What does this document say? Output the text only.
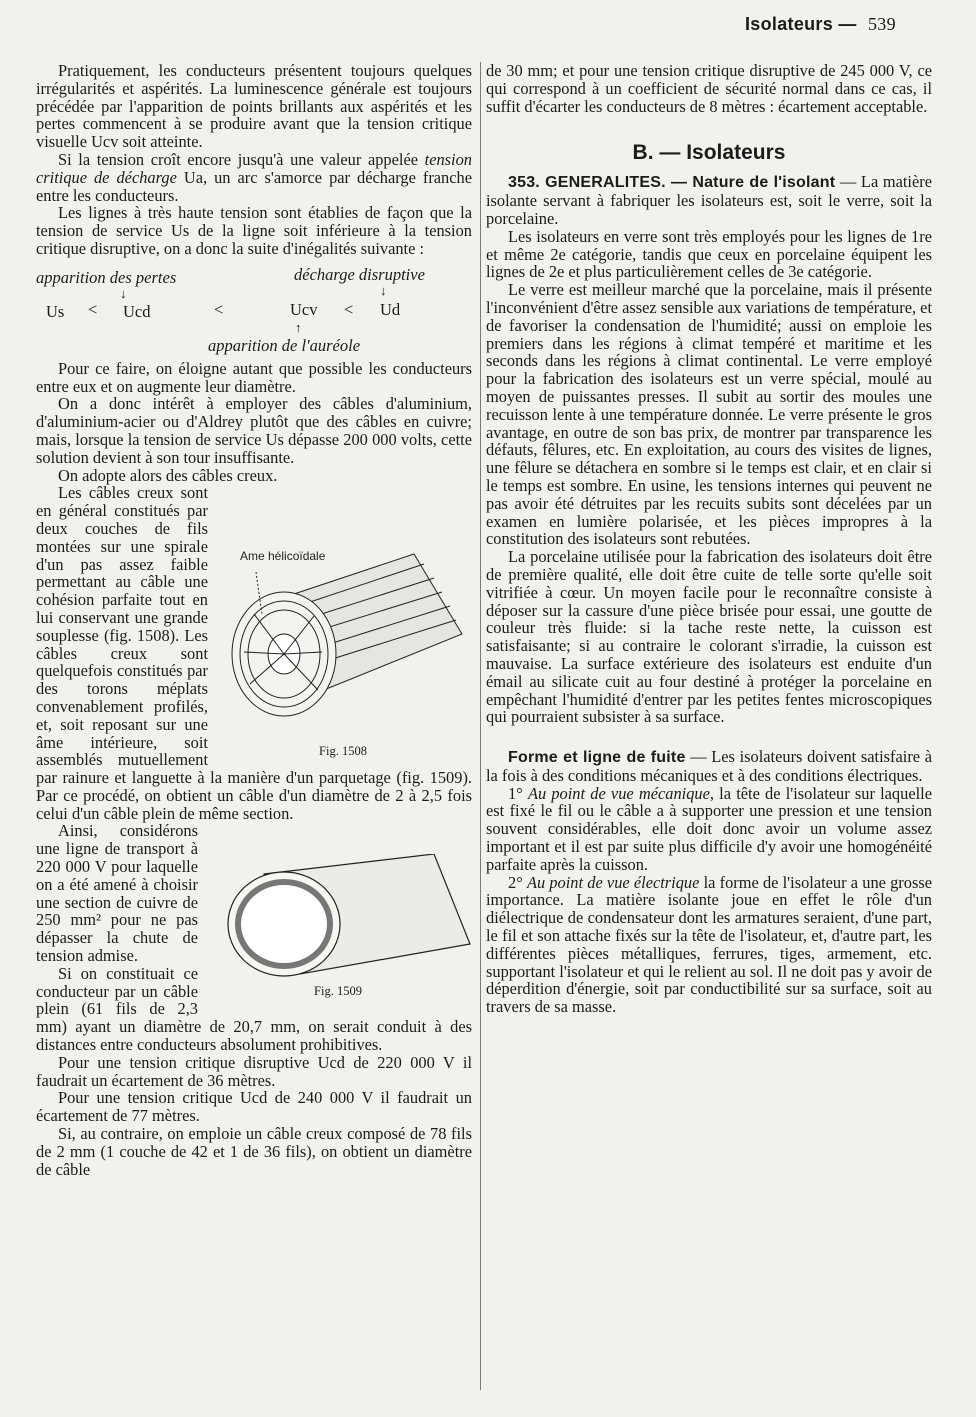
Isolateurs — 539

Pratiquement, les conducteurs présentent toujours quelques irrégularités et aspérités. La luminescence générale est toujours précédée par l'apparition de points brillants aux aspérités et les pertes commencent à se produire avant que la tension critique visuelle Ucv soit atteinte.

Si la tension croît encore jusqu'à une valeur appelée tension critique de décharge Ua, un arc s'amorce par décharge franche entre les conducteurs.

Les lignes à très haute tension sont établies de façon que la tension de service Us de la ligne soit inférieure à la tension critique disruptive, on a donc la suite d'inégalités suivante :

apparition des pertes	décharge disruptive
↓	↓
Us < Ucd	<	Ucv < Ud
↑
apparition de l'auréole

Pour ce faire, on éloigne autant que possible les conducteurs entre eux et on augmente leur diamètre.

On a donc intérêt à employer des câbles d'aluminium, d'aluminium-acier ou d'Aldrey plutôt que des câbles en cuivre; mais, lorsque la tension de service Us dépasse 200 000 volts, cette solution devient à son tour insuffisante.

On adopte alors des câbles creux.

Ame hélicoïdale
Fig. 1508

Les câbles creux sont en général constitués par deux couches de fils montées sur une spirale d'un pas assez faible permettant au câble une cohésion parfaite tout en lui conservant une grande souplesse (fig. 1508). Les câbles creux sont quelquefois constitués par des torons méplats convenablement profilés, et, soit reposant sur une âme intérieure, soit assemblés mutuellement par rainure et languette à la manière d'un parquetage (fig. 1509). Par ce procédé, on obtient un câble d'un diamètre de 2 à 2,5 fois celui d'un câble plein de même section.

Fig. 1509

Ainsi, considérons une ligne de transport à 220 000 V pour laquelle on a été amené à choisir une section de cuivre de 250 mm² pour ne pas dépasser la chute de tension admise.

Si on constituait ce conducteur par un câble plein (61 fils de 2,3 mm) ayant un diamètre de 20,7 mm, on serait conduit à des distances entre conducteurs absolument prohibitives.

Pour une tension critique disruptive Ucd de 220 000 V il faudrait un écartement de 36 mètres.

Pour une tension critique Ucd de 240 000 V il faudrait un écartement de 77 mètres.

Si, au contraire, on emploie un câble creux composé de 78 fils de 2 mm (1 couche de 42 et 1 de 36 fils), on obtient un diamètre de câble

de 30 mm; et pour une tension critique disruptive de 245 000 V, ce qui correspond à un coefficient de sécurité normal dans ce cas, il suffit d'écarter les conducteurs de 8 mètres : écartement acceptable.

B. — Isolateurs

353. GENERALITES. — Nature de l'isolant — La matière isolante servant à fabriquer les isolateurs est, soit le verre, soit la porcelaine.

Les isolateurs en verre sont très employés pour les lignes de 1re et même 2e catégorie, tandis que ceux en porcelaine équipent les lignes de 2e et plus particulièrement celles de 3e catégorie.

Le verre est meilleur marché que la porcelaine, mais il présente l'inconvénient d'être assez sensible aux variations de température, et de favoriser la condensation de l'humidité; aussi on emploie les premiers dans les régions à climat tempéré et maritime et les seconds dans les régions à climat continental. Le verre employé pour la fabrication des isolateurs est un verre spécial, moulé au moyen de puissantes presses. Il subit au sortir des moules une recuisson lente à une température donnée. Le verre présente le gros avantage, en outre de son bas prix, de montrer par transparence les défauts, fêlures, etc. En exploitation, au cours des visites de lignes, une fêlure se détachera en sombre si le temps est clair, et en clair si le temps est sombre. En usine, les tensions internes qui peuvent ne pas avoir été détruites par les recuits subits sont décelées par un examen en lumière polarisée, et les pièces impropres à la constitution des isolateurs sont rebutées.

La porcelaine utilisée pour la fabrication des isolateurs doit être de première qualité, elle doit être cuite de telle sorte qu'elle soit vitrifiée à cœur. Un moyen facile pour le reconnaître consiste à déposer sur la cassure d'une pièce brisée pour essai, une goutte de couleur très fluide: si la tache reste nette, la cuisson est satisfaisante; si au contraire le colorant s'irradie, la cuisson est mauvaise. La surface extérieure des isolateurs est enduite d'un émail au silicate cuit au four destiné à protéger la porcelaine en empêchant l'humidité d'entrer par les petites fentes microscopiques qui pourraient subsister à sa surface.

Forme et ligne de fuite — Les isolateurs doivent satisfaire à la fois à des conditions mécaniques et à des conditions électriques.

1° Au point de vue mécanique, la tête de l'isolateur sur laquelle est fixé le fil ou le câble a à supporter une pression et une tension souvent considérables, elle doit donc avoir un volume assez important et il est par suite plus difficile d'y avoir une homogénéité parfaite après la cuisson.

2° Au point de vue électrique la forme de l'isolateur a une grosse importance. La matière isolante joue en effet le rôle d'un diélectrique de condensateur dont les armatures seraient, d'une part, le fil et son attache fixés sur la tête de l'isolateur, et, d'autre part, les différentes pièces métalliques, ferrures, tiges, armement, etc. supportant l'isolateur et qui le relient au sol. Il ne doit pas y avoir de déperdition d'énergie, soit par conductibilité sur sa surface, soit au travers de sa masse.
